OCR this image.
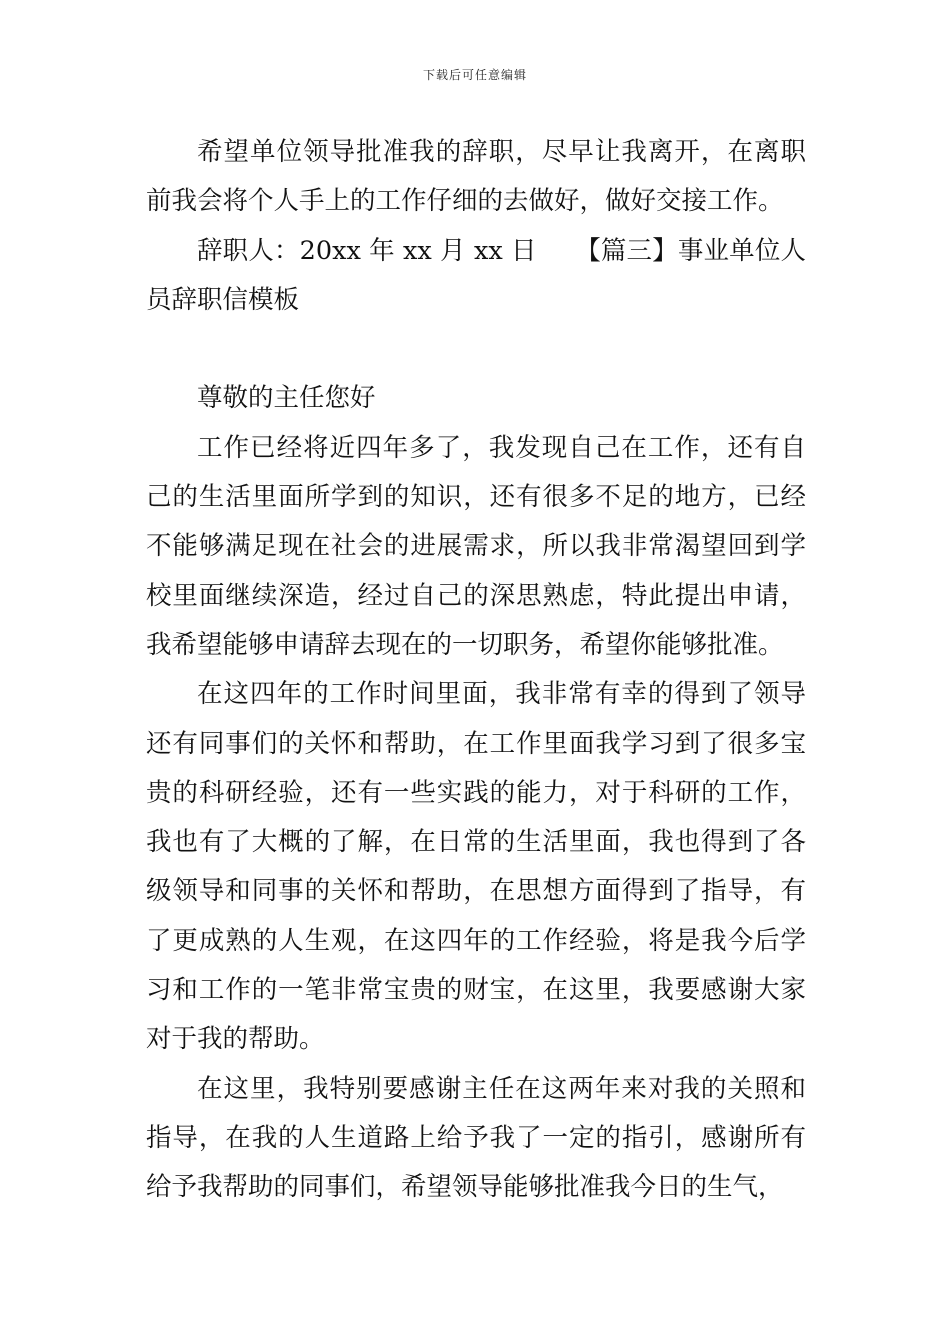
下载后可任意编辑

希望单位领导批准我的辞职，尽早让我离开，在离职前我会将个人手上的工作仔细的去做好，做好交接工作。

辞职人：20xx 年 xx 月 xx 日　　【篇三】事业单位人员辞职信模板

尊敬的主任您好

工作已经将近四年多了，我发现自己在工作，还有自己的生活里面所学到的知识，还有很多不足的地方，已经不能够满足现在社会的进展需求，所以我非常渴望回到学校里面继续深造，经过自己的深思熟虑，特此提出申请，我希望能够申请辞去现在的一切职务，希望你能够批准。

在这四年的工作时间里面，我非常有幸的得到了领导还有同事们的关怀和帮助，在工作里面我学习到了很多宝贵的科研经验，还有一些实践的能力，对于科研的工作，我也有了大概的了解，在日常的生活里面，我也得到了各级领导和同事的关怀和帮助，在思想方面得到了指导，有了更成熟的人生观，在这四年的工作经验，将是我今后学习和工作的一笔非常宝贵的财宝，在这里，我要感谢大家对于我的帮助。

在这里，我特别要感谢主任在这两年来对我的关照和指导，在我的人生道路上给予我了一定的指引，感谢所有给予我帮助的同事们，希望领导能够批准我今日的生气，
